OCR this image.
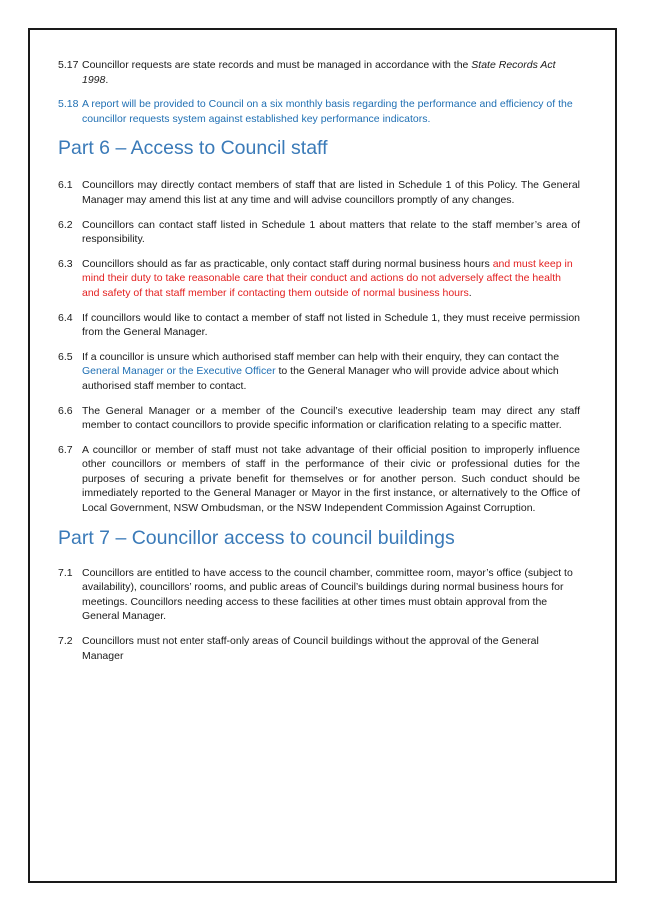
5.17 Councillor requests are state records and must be managed in accordance with the State Records Act 1998.
5.18 A report will be provided to Council on a six monthly basis regarding the performance and efficiency of the councillor requests system against established key performance indicators.
Part 6 – Access to Council staff
6.1 Councillors may directly contact members of staff that are listed in Schedule 1 of this Policy. The General Manager may amend this list at any time and will advise councillors promptly of any changes.
6.2 Councillors can contact staff listed in Schedule 1 about matters that relate to the staff member’s area of responsibility.
6.3 Councillors should as far as practicable, only contact staff during normal business hours and must keep in mind their duty to take reasonable care that their conduct and actions do not adversely affect the health and safety of that staff member if contacting them outside of normal business hours.
6.4 If councillors would like to contact a member of staff not listed in Schedule 1, they must receive permission from the General Manager.
6.5 If a councillor is unsure which authorised staff member can help with their enquiry, they can contact the General Manager or the Executive Officer to the General Manager who will provide advice about which authorised staff member to contact.
6.6 The General Manager or a member of the Council’s executive leadership team may direct any staff member to contact councillors to provide specific information or clarification relating to a specific matter.
6.7 A councillor or member of staff must not take advantage of their official position to improperly influence other councillors or members of staff in the performance of their civic or professional duties for the purposes of securing a private benefit for themselves or for another person. Such conduct should be immediately reported to the General Manager or Mayor in the first instance, or alternatively to the Office of Local Government, NSW Ombudsman, or the NSW Independent Commission Against Corruption.
Part 7 – Councillor access to council buildings
7.1 Councillors are entitled to have access to the council chamber, committee room, mayor’s office (subject to availability), councillors’ rooms, and public areas of Council’s buildings during normal business hours for meetings. Councillors needing access to these facilities at other times must obtain approval from the General Manager.
7.2 Councillors must not enter staff-only areas of Council buildings without the approval of the General Manager
